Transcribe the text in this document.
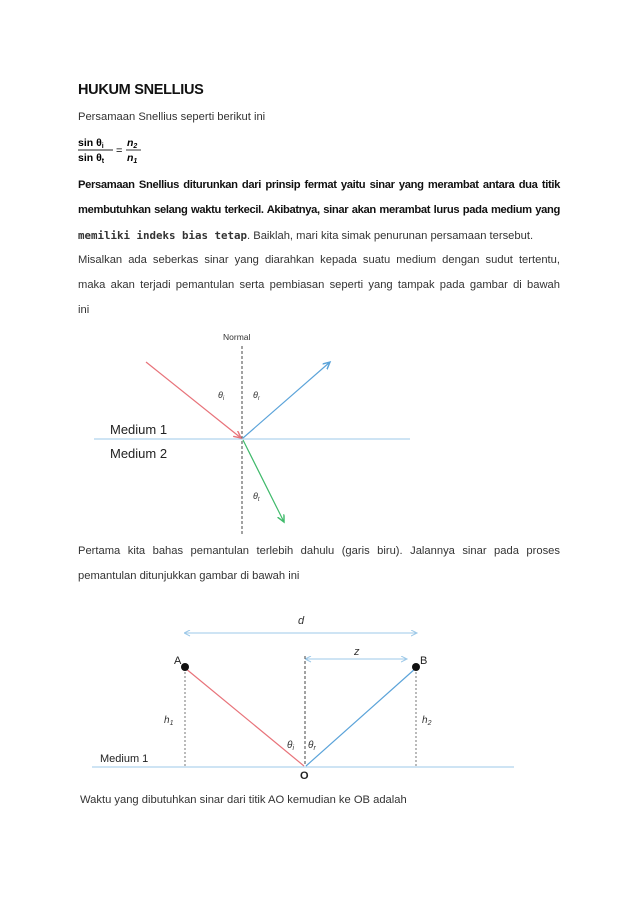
HUKUM SNELLIUS
Persamaan Snellius seperti berikut ini
sin θi
sin θt
=
n2
n1
Persamaan Snellius diturunkan dari prinsip fermat yaitu sinar yang merambat antara dua titik
membutuhkan selang waktu terkecil. Akibatnya, sinar akan merambat lurus pada medium yang
memiliki indeks bias tetap. Baiklah, mari kita simak penurunan persamaan tersebut.
Misalkan ada seberkas sinar yang diarahkan kepada suatu medium dengan sudut tertentu,
maka akan terjadi pemantulan serta pembiasan seperti yang tampak pada gambar di bawah
ini
Normal
Medium 1
Medium 2
$\theta_i$	$\theta_r$
$\theta_t$
Pertama kita bahas pemantulan terlebih dahulu (garis biru). Jalannya sinar pada proses
pemantulan ditunjukkan gambar di bawah ini
d
z
A	B
O
$h_1$	$h_2$
$\theta_i$ $\theta_r$
Medium 1
Waktu yang dibutuhkan sinar dari titik AO kemudian ke OB adalah
